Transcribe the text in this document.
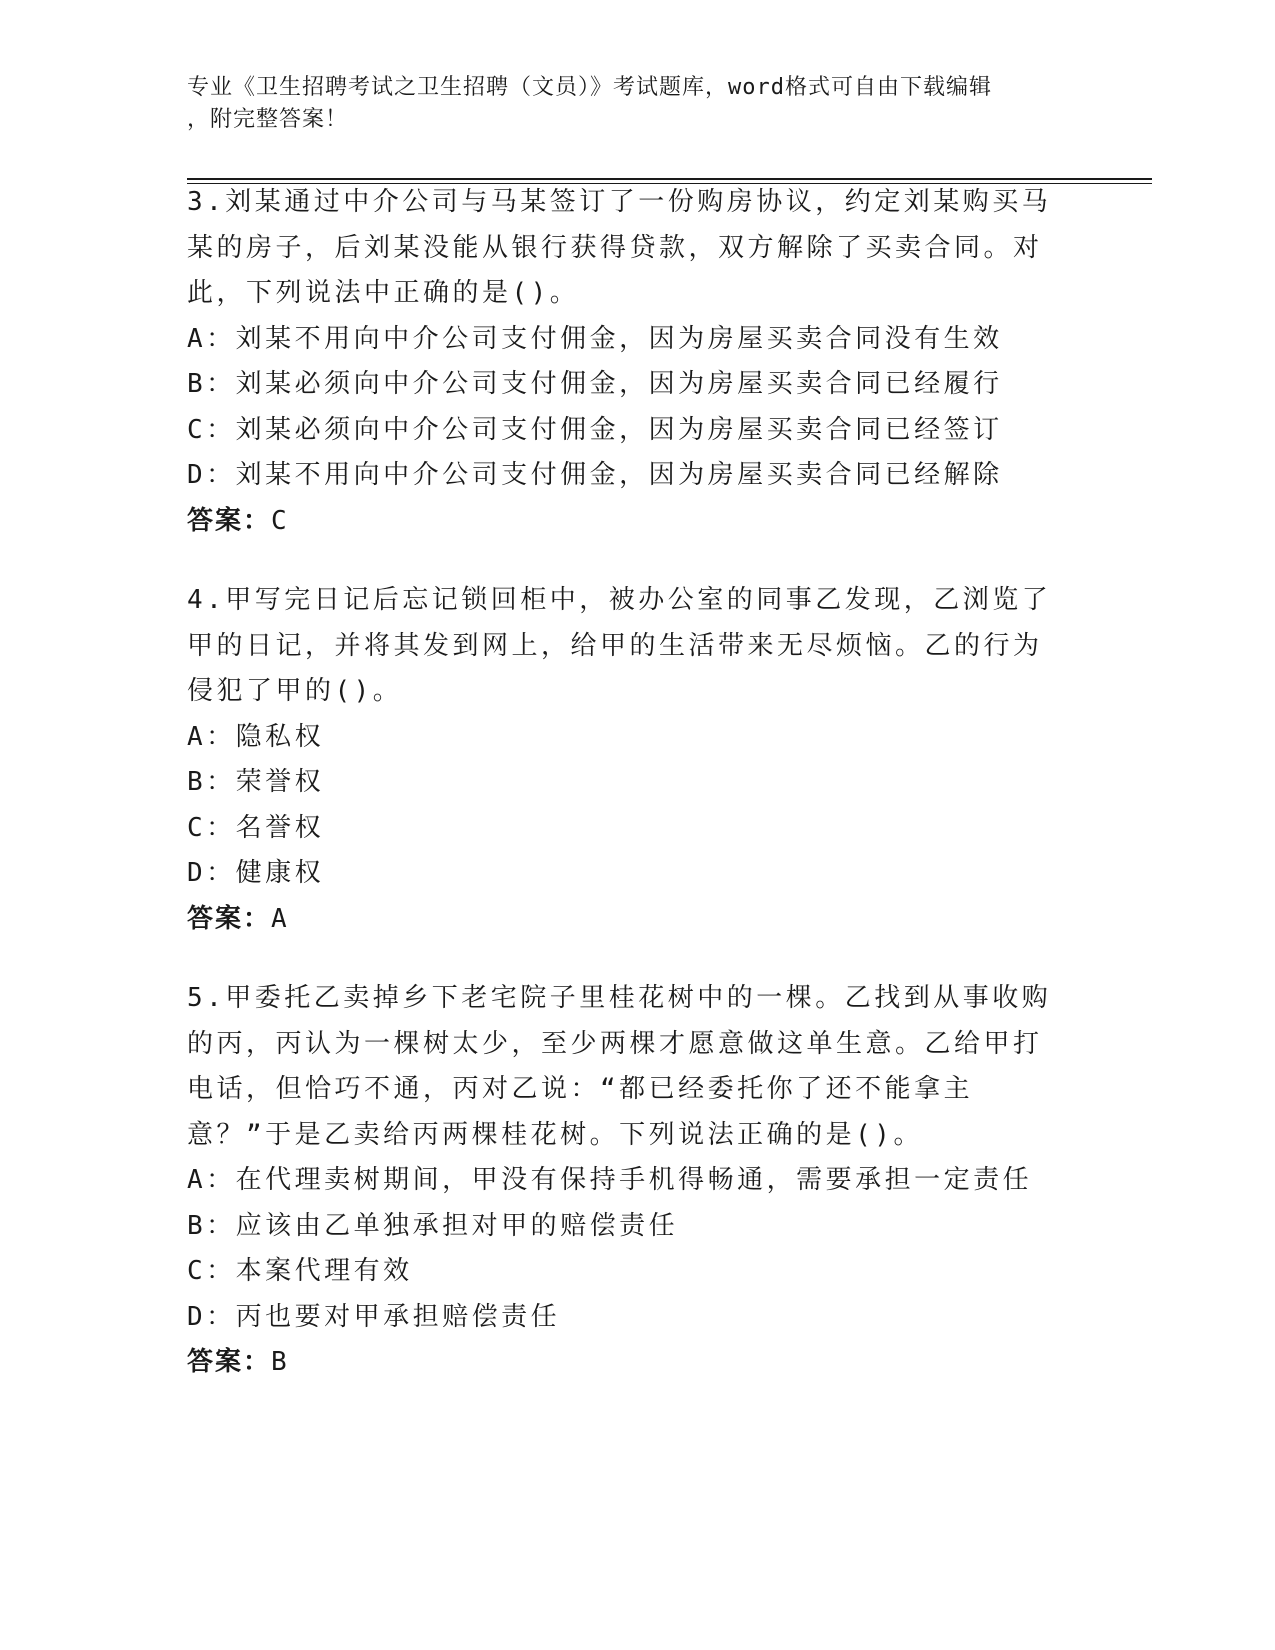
专业《卫生招聘考试之卫生招聘（文员）》考试题库，word格式可自由下载编辑
，附完整答案！

3.刘某通过中介公司与马某签订了一份购房协议，约定刘某购买马某的房子，后刘某没能从银行获得贷款，双方解除了买卖合同。对此，下列说法中正确的是()。

A：刘某不用向中介公司支付佣金，因为房屋买卖合同没有生效
B：刘某必须向中介公司支付佣金，因为房屋买卖合同已经履行
C：刘某必须向中介公司支付佣金，因为房屋买卖合同已经签订
D：刘某不用向中介公司支付佣金，因为房屋买卖合同已经解除
答案：C

4.甲写完日记后忘记锁回柜中，被办公室的同事乙发现，乙浏览了甲的日记，并将其发到网上，给甲的生活带来无尽烦恼。乙的行为侵犯了甲的()。

A：隐私权
B：荣誉权
C：名誉权
D：健康权
答案：A

5.甲委托乙卖掉乡下老宅院子里桂花树中的一棵。乙找到从事收购的丙，丙认为一棵树太少，至少两棵才愿意做这单生意。乙给甲打电话，但恰巧不通，丙对乙说：“都已经委托你了还不能拿主意？”于是乙卖给丙两棵桂花树。下列说法正确的是()。

A：在代理卖树期间，甲没有保持手机得畅通，需要承担一定责任
B：应该由乙单独承担对甲的赔偿责任
C：本案代理有效
D：丙也要对甲承担赔偿责任
答案：B
